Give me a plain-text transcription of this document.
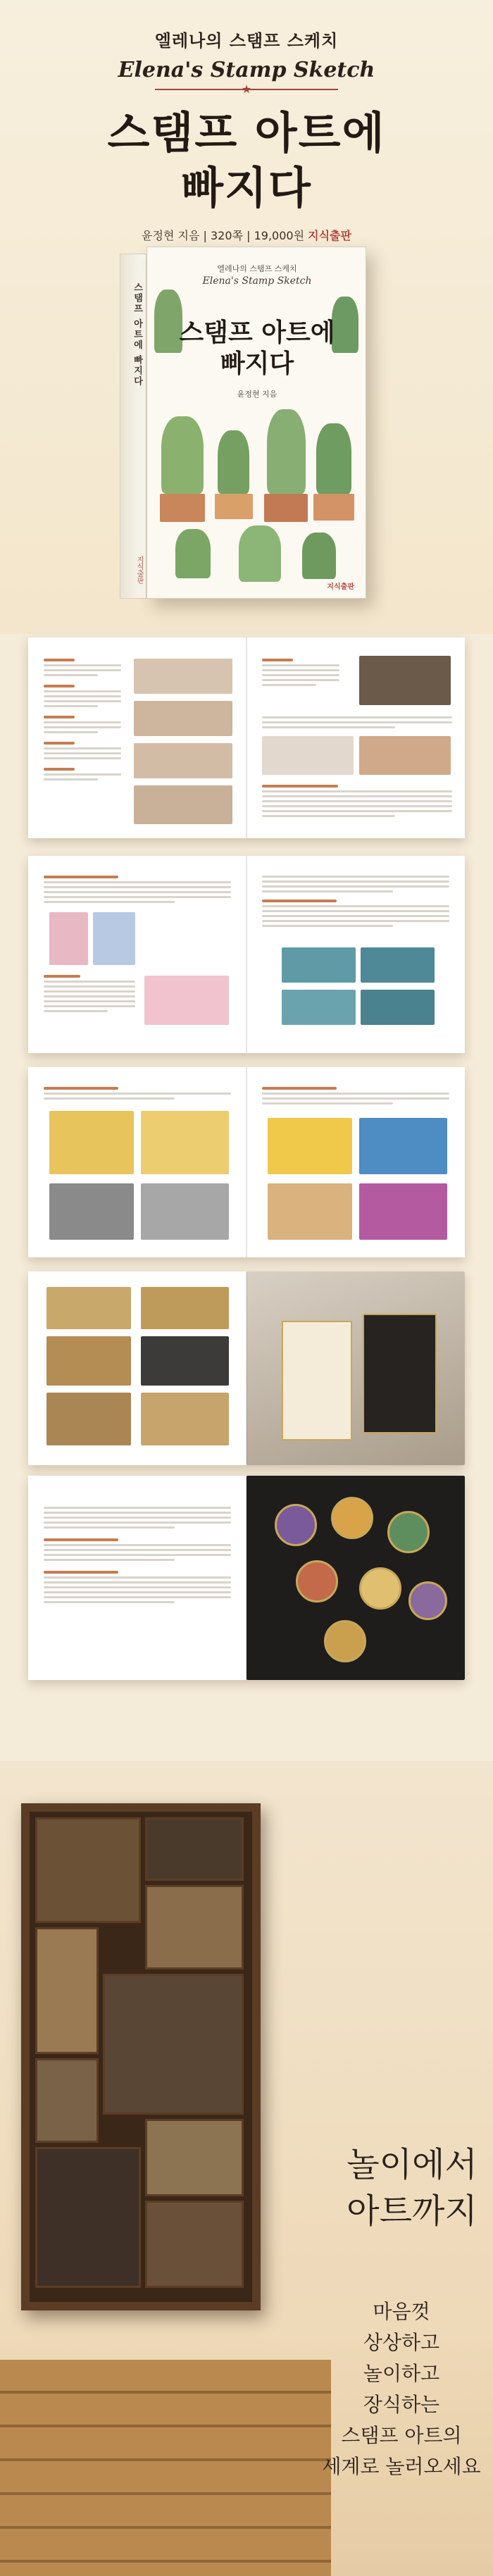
엘레나의 스탬프 스케치
Elena's Stamp Sketch
★
스탬프 아트에
빠지다
윤정현 지음 | 320쪽 | 19,000원 지식출판
스탬프 아트에 빠지다
지식출판
엘레나의 스탬프 스케치
Elena's Stamp Sketch
스탬프 아트에
빠지다
윤정현 지음
지식출판
놀이에서
아트까지
마음껏
상상하고
놀이하고
장식하는
스탬프 아트의
세계로 놀러오세요
